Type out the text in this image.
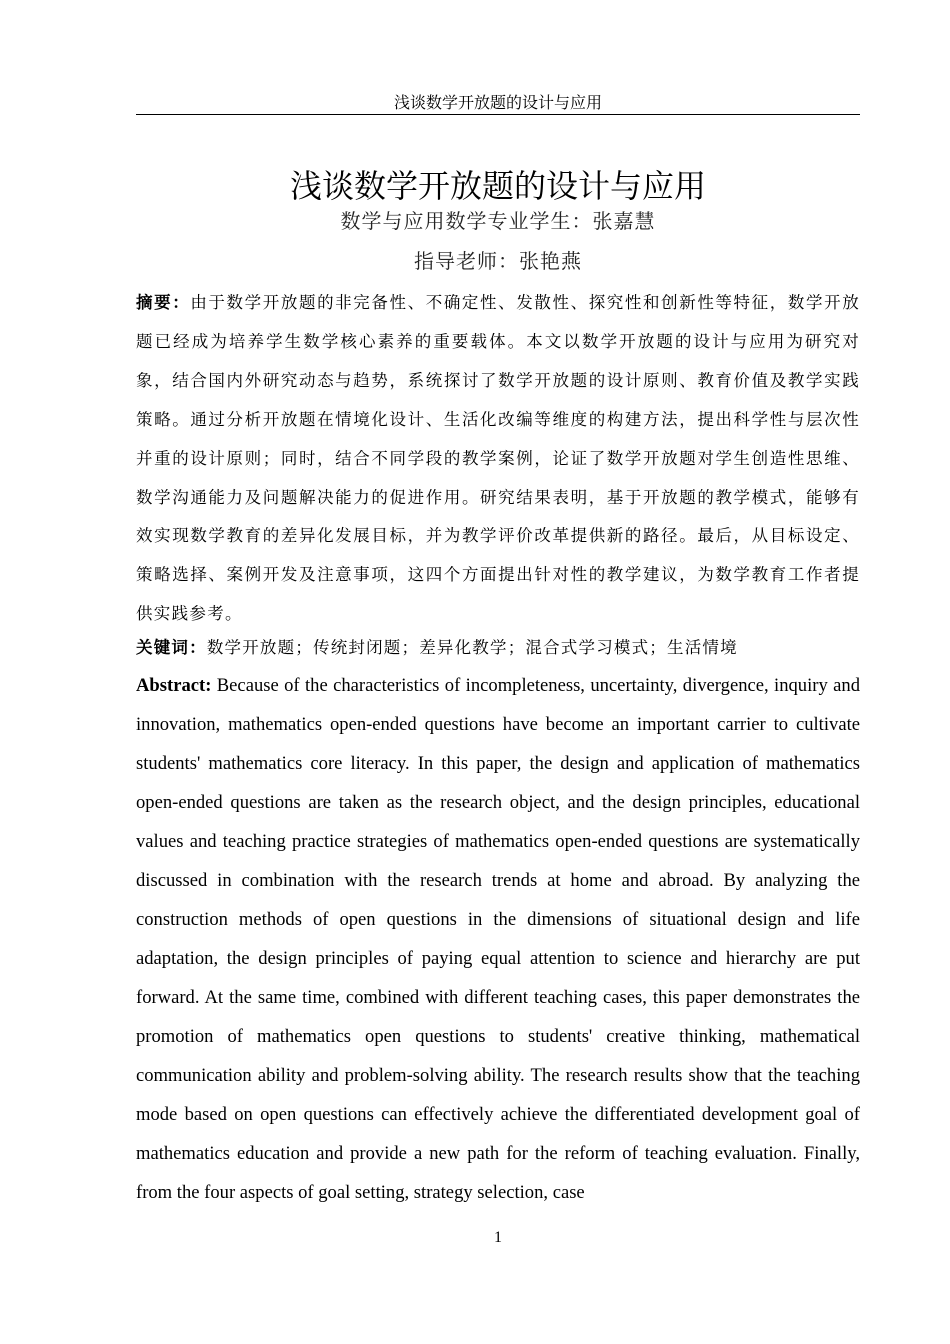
浅谈数学开放题的设计与应用
浅谈数学开放题的设计与应用
数学与应用数学专业学生：张嘉慧
指导老师：张艳燕

摘要：由于数学开放题的非完备性、不确定性、发散性、探究性和创新性等特征，数学开放题已经成为培养学生数学核心素养的重要载体。本文以数学开放题的设计与应用为研究对象，结合国内外研究动态与趋势，系统探讨了数学开放题的设计原则、教育价值及教学实践策略。通过分析开放题在情境化设计、生活化改编等维度的构建方法，提出科学性与层次性并重的设计原则；同时，结合不同学段的教学案例，论证了数学开放题对学生创造性思维、数学沟通能力及问题解决能力的促进作用。研究结果表明，基于开放题的教学模式，能够有效实现数学教育的差异化发展目标，并为教学评价改革提供新的路径。最后，从目标设定、策略选择、案例开发及注意事项，这四个方面提出针对性的教学建议，为数学教育工作者提供实践参考。

关键词：数学开放题；传统封闭题；差异化教学；混合式学习模式；生活情境

Abstract: Because of the characteristics of incompleteness, uncertainty, divergence, inquiry and innovation, mathematics open-ended questions have become an important carrier to cultivate students' mathematics core literacy. In this paper, the design and application of mathematics open-ended questions are taken as the research object, and the design principles, educational values and teaching practice strategies of mathematics open-ended questions are systematically discussed in combination with the research trends at home and abroad. By analyzing the construction methods of open questions in the dimensions of situational design and life adaptation, the design principles of paying equal attention to science and hierarchy are put forward. At the same time, combined with different teaching cases, this paper demonstrates the promotion of mathematics open questions to students' creative thinking, mathematical communication ability and problem-solving ability. The research results show that the teaching mode based on open questions can effectively achieve the differentiated development goal of mathematics education and provide a new path for the reform of teaching evaluation. Finally, from the four aspects of goal setting, strategy selection, case

1
